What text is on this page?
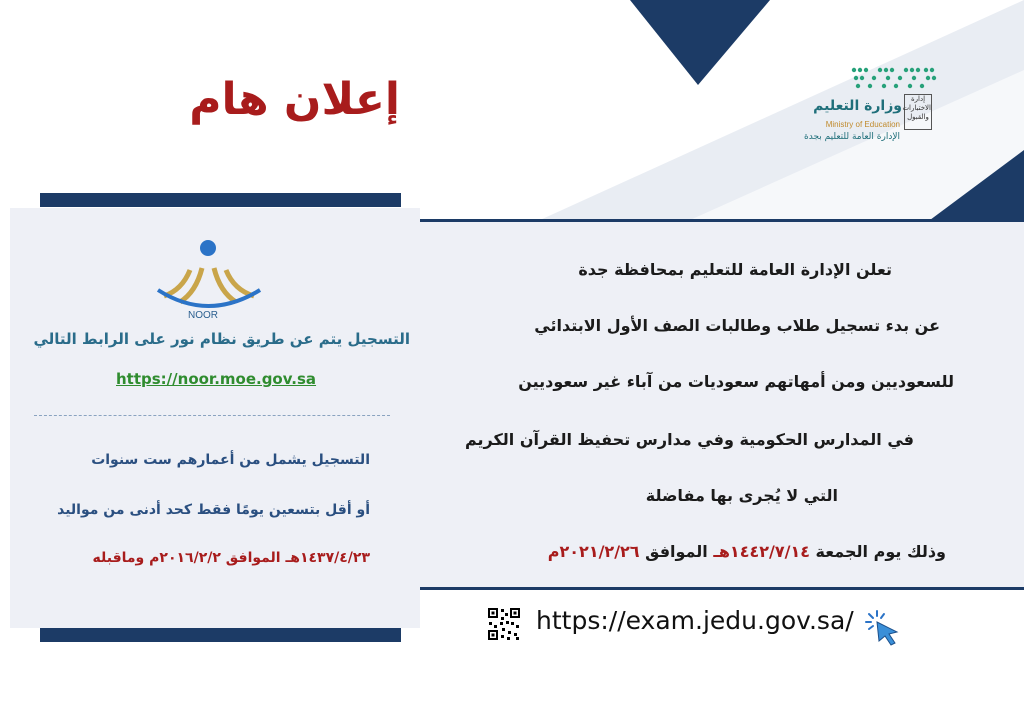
وزارة التعليم
Ministry of Education
الإدارة العامة للتعليم بجدة
إدارة الاختبارات والقبول
إعلان هام
NOOR
التسجيل يتم عن طريق نظام نور على الرابط التالي
https://noor.moe.gov.sa
التسجيل يشمل من أعمارهم ست سنوات
أو أقل بتسعين يومًا فقط كحد أدنى من مواليد
١٤٣٧/٤/٢٣هـ الموافق ٢٠١٦/٢/٢م وماقبله
تعلن الإدارة العامة للتعليم بمحافظة جدة
عن بدء تسجيل طلاب وطالبات الصف الأول الابتدائي
للسعوديين ومن أمهاتهم سعوديات من آباء غير سعوديين
في المدارس الحكومية وفي مدارس تحفيظ القرآن الكريم
التي لا يُجرى بها مفاضلة
وذلك يوم الجمعة ١٤٤٢/٧/١٤هـ الموافق ٢٠٢١/٢/٢٦م
https://exam.jedu.gov.sa/
